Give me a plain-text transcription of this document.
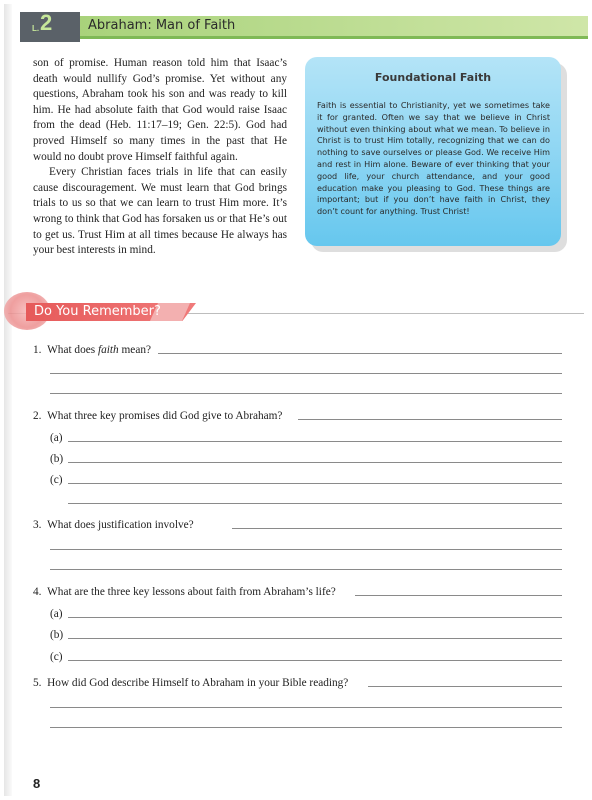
L. 2	Abraham: Man of Faith

son of promise. Human reason told him that Isaac’s death would nullify God’s promise. Yet without any questions, Abraham took his son and was ready to kill him. He had absolute faith that God would raise Isaac from the dead (Heb. 11:17–19; Gen. 22:5). God had proved Himself so many times in the past that He would no doubt prove Himself faithful again.

Every Christian faces trials in life that can easily cause discouragement. We must learn that God brings trials to us so that we can learn to trust Him more. It’s wrong to think that God has forsaken us or that He’s out to get us. Trust Him at all times because He always has your best interests in mind.

Foundational Faith
Faith is essential to Christianity, yet we sometimes take it for granted. Often we say that we believe in Christ without even thinking about what we mean. To believe in Christ is to trust Him totally, recognizing that we can do nothing to save ourselves or please God. We receive Him and rest in Him alone. Beware of ever thinking that your good life, your church attendance, and your good education make you pleasing to God. These things are important; but if you don’t have faith in Christ, they don’t count for anything. Trust Christ!
Do You Remember?
1. What does faith mean?
2. What three key promises did God give to Abraham?
(a)
(b)
(c)
3. What does justification involve?
4. What are the three key lessons about faith from Abraham’s life?
(a)
(b)
(c)
5. How did God describe Himself to Abraham in your Bible reading?
8
